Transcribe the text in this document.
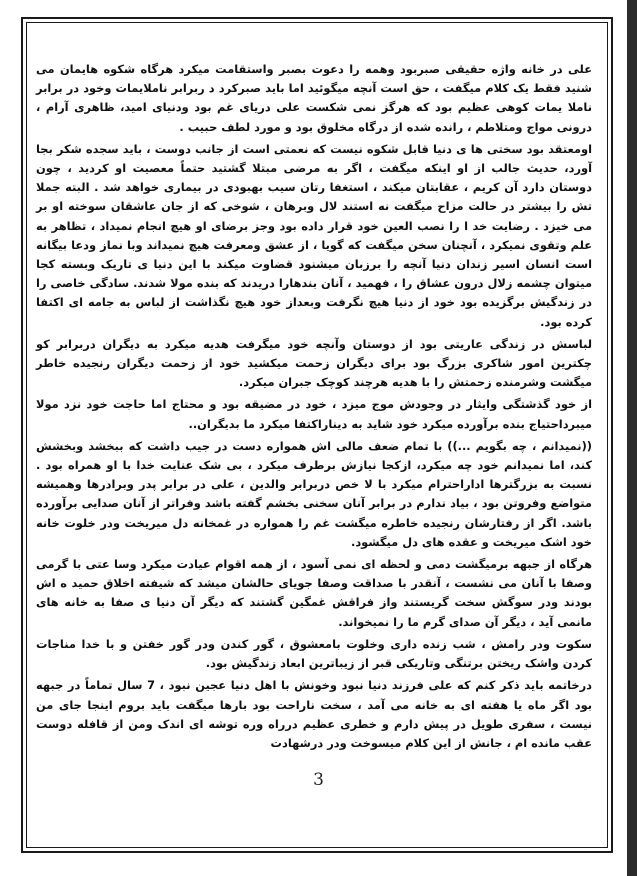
علی در خانه واژه حقیقی صبربود وهمه را دعوت بصبر واستقامت میکرد هرگاه شکوه هایمان می شنید فقط یک کلام میگفت ، حق است آنچه میگوئید اما باید صبرکرد د ربرابر ناملایمات وخود در برابر ناملا یمات کوهی عظیم بود که هرگز نمی شکست علی دریای غم بود ودنیای امید، ظاهری آرام ، درونی مواج ومتلاطم ، رانده شده از درگاه مخلوق بود و مورد لطف حبیب .

اومعتقد بود سختی ها ی دنیا قابل شکوه نیست که نعمتی است از جانب دوست ، باید سجده شکر بجا آورد، حدیث جالب از او اینکه میگفت ، اگر به مرضی مبتلا گشتید حتماً معصیت او کردید ، چون دوستان دارد آن کریم ، عقابتان میکند ، استغفا رتان سیب بهبودی در بیماری خواهد شد . البته جملا تش را بیشتر در حالت مزاح میگفت نه استند لال وبرهان ، شوخی که از جان عاشقان سوخته او بر می خیزد . رضایت خد ا را نصب العین خود قرار داده بود وجز برضای او هیچ انجام نمیداد ، تظاهر به علم وتقوی نمیکرد ، آنچنان سخن میگفت که گویا ، از عشق ومعرفت هیچ نمیداند وبا نماز ودعا بیگانه است انسان اسیر زندان دنیا آنچه را برزبان میشنود قضاوت میکند با این دنیا ی تاریک وبسته کجا میتوان چشمه زلال درون عشاق را ، فهمید ، آنان بندهارا دریدند که بنده مولا شدند. سادگی خاصی را در زندگیش برگزیده بود خود از دنیا هیچ نگرفت وبعداز خود هیچ نگذاشت از لباس به جامه ای اکتفا کرده بود.

لباسش در زندگی عاریتی بود از دوستان وآنچه خود میگرفت هدیه میکرد به دیگران دربرابر کو چکترین امور شاکری بزرگ بود برای دیگران زحمت میکشید خود از زحمت دیگران رنجیده خاطر میگشت وشرمنده زحمتش را با هدیه هرچند کوچک جبران میکرد.

از خود گذشتگی وایثار در وجودش موج میزد ، خود در مضیقه بود و محتاج اما حاجت خود نزد مولا میبرداحتیاج بنده برآورده میکرد خود شاید به دیناراکتفا میکرد ما بدیگران..

((نمیدانم ، چه بگویم ...)) با تمام ضعف مالی اش همواره دست در جیب داشت که ببخشد وبخشش کند، اما نمیدانم خود چه میکرد، ازکجا نیازش برطرف میکرد ، بی شک عنایت خدا با او همراه بود . نسبت به بزرگترها اداراحترام میکرد با لا خص دربرابر والدین ، علی در برابر پدر وبرادرها وهمیشه متواضع وفروتن بود ، بیاد ندارم در برابر آنان سخنی بخشم گفته باشد وفراتر از آنان صدایی برآورده باشد. اگر از رفتارشان رنجیده خاطره میگشت غم را همواره در غمخانه دل میریخت ودر خلوت خانه خود اشک میریخت و عقده های دل میگشود.

هرگاه از جبهه برمیگشت دمی و لحظه ای نمی آسود ، از همه اقوام عیادت میکرد وسا عتی با گرمی وصفا با آنان می نشست ، آنقدر با صداقت وصفا جویای حالشان میشد که شیفته اخلاق حمید ه اش بودند ودر سوگش سخت گریستند واز فراقش غمگین گشتند که دیگر آن دنیا ی صفا به خانه های مانمی آید ، دیگر آن صدای گرم ما را نمیخواند.

سکوت ودر رامش ، شب زنده داری وخلوت بامعشوق ، گور کندن ودر گور خفتن و با خدا مناجات کردن واشک ریختن برتنگی وتاریکی قبر از زیباترین ابعاد زندگیش بود.

درخاتمه باید ذکر کنم که علی فرزند دنیا نبود وخونش با اهل دنیا عجین نبود ، 7 سال تماماً در جبهه بود اگر ماه یا هفته ای به خانه می آمد ، سخت ناراحت بود بارها میگفت باید بروم اینجا جای من نیست ، سفری طویل در پیش دارم و خطری عظیم درراه وره توشه ای اندک ومن از قافله دوست عقب مانده ام ، جانش از این کلام میسوخت ودر درشهادت

3
